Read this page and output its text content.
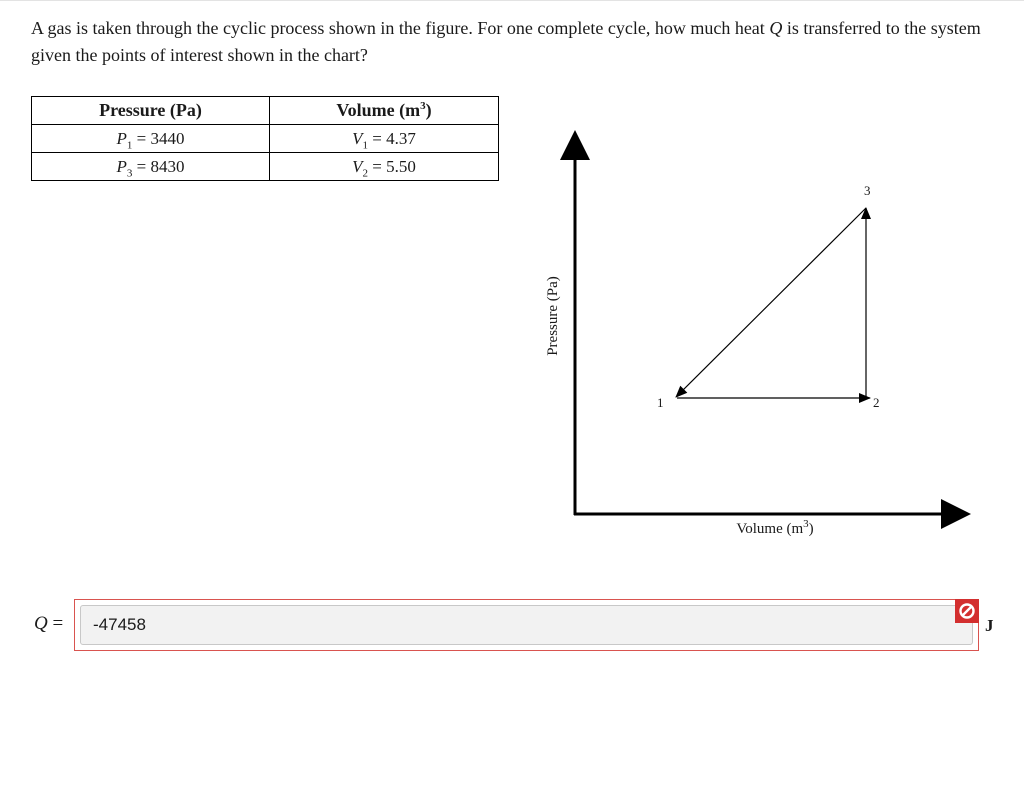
A gas is taken through the cyclic process shown in the figure. For one complete cycle, how much heat Q is transferred to the system given the points of interest shown in the chart?
Pressure (Pa)	Volume $(m^3)$
$P_1 = 3440$	$V_1 = 4.37$
$P_3 = 8430$	$V_2 = 5.50$
Pressure (Pa)
Volume $(m^3)$
1	2
3
Q =
-47458	J
